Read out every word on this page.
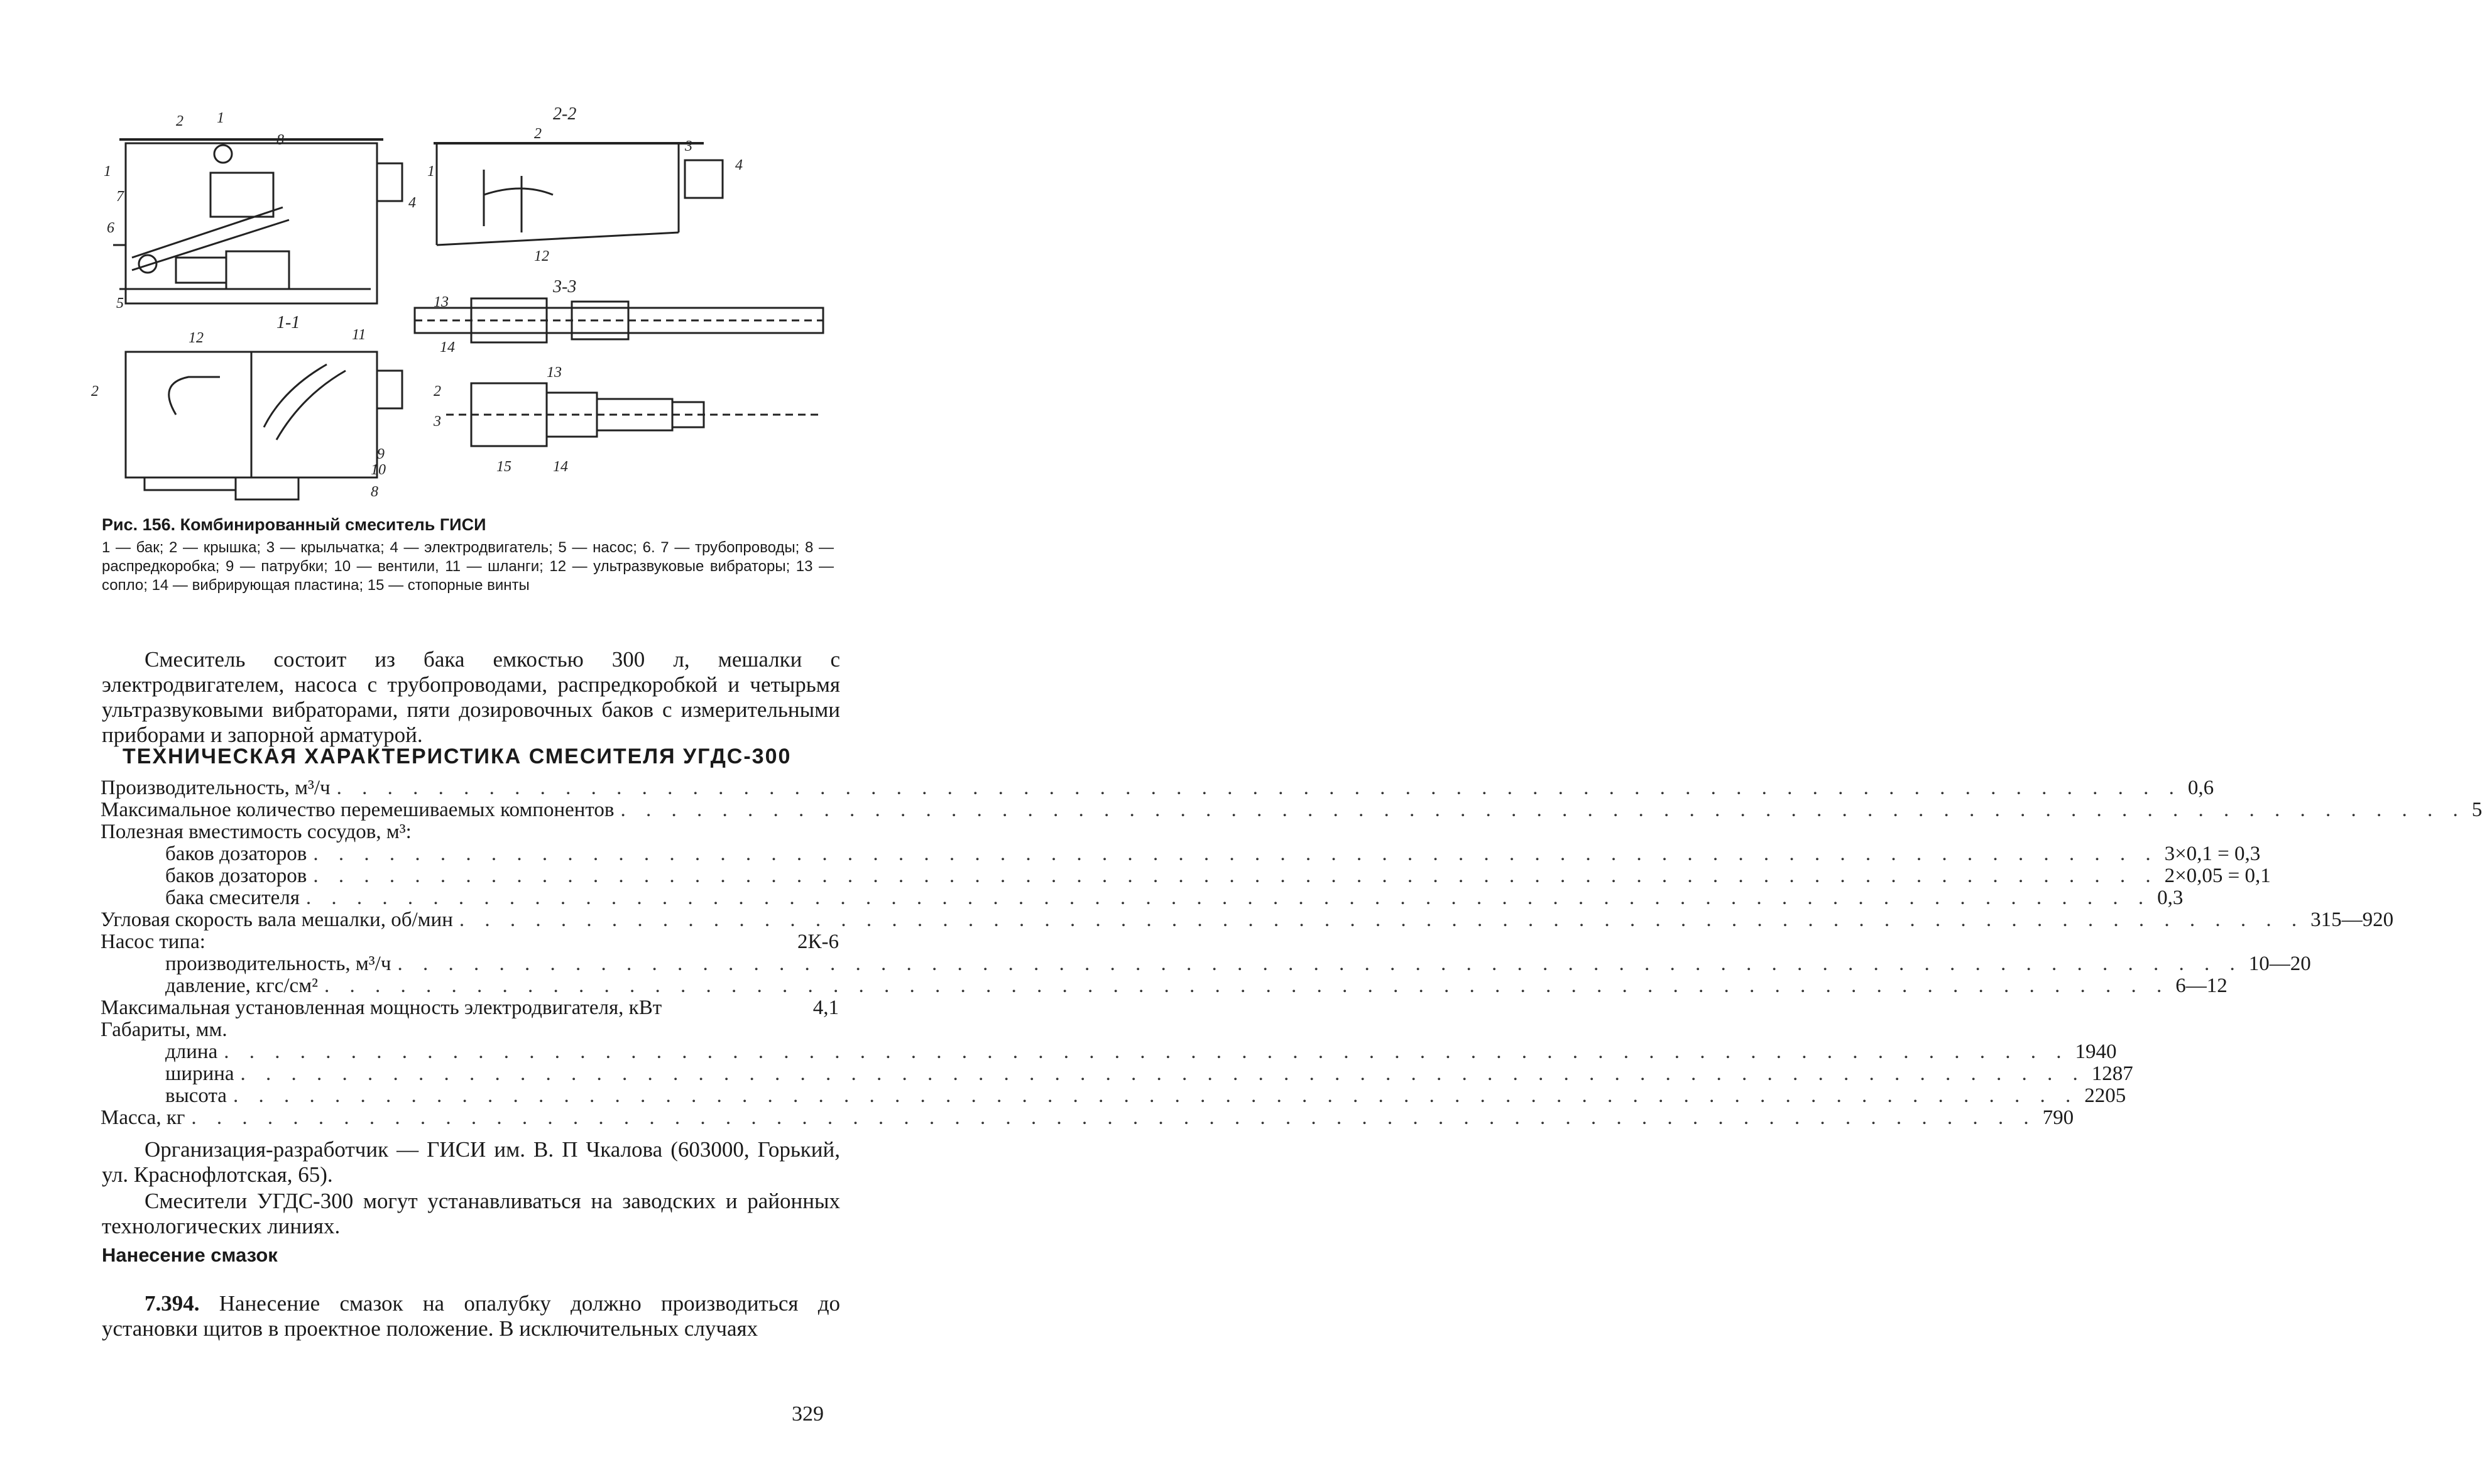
2 1
8
4
7
6
5
1	1
1-1
2-2
2
3
4
12
3-3
13
14
12	11
2	2
9
10
8
13
3
15	14
Рис. 156. Комбинированный смеситель ГИСИ
1 — бак; 2 — крышка; 3 — крыльчатка; 4 — электродвигатель; 5 — насос; 6. 7 — трубопроводы; 8 — распредкоробка; 9 — патрубки; 10 — вентили, 11 — шланги; 12 — ультразвуковые вибраторы; 13 — сопло; 14 — вибрирующая пластина; 15 — стопорные винты

Смеситель состоит из бака емкостью 300 л, мешалки с электродвигателем, насоса с трубопроводами, распредкоробкой и четырьмя ультразвуковыми вибраторами, пяти дозировочных баков с измерительными приборами и запорной арматурой.

ТЕХНИЧЕСКАЯ ХАРАКТЕРИСТИКА СМЕСИТЕЛЯ УГДС-300
Производительность, м³/ч . . .	0,6
Максимальное количество перемешиваемых компонентов . . .	5
Полезная вместимость сосудов, м³:
баков дозаторов . . .	3×0,1 = 0,3
баков дозаторов . . .	2×0,05 = 0,1
бака смесителя . . .	0,3
Угловая скорость вала мешалки, об/мин . . .	315—920
Насос типа:	2К-6
производительность, м³/ч . . .	10—20
давление, кгс/см² . . .	6—12
Максимальная установленная мощность электродвигателя, кВт	4,1
Габариты, мм.
длина . . .	1940
ширина . . .	1287
высота . . .	2205
Масса, кг . . .	790

Организация-разработчик — ГИСИ им. В. П Чкалова (603000, Горький, ул. Краснофлотская, 65).

Смесители УГДС-300 могут устанавливаться на заводских и районных технологических линиях.

Нанесение смазок

7.394. Нанесение смазок на опалубку должно производиться до установки щитов в проектное положение. В исключительных случаях

329
